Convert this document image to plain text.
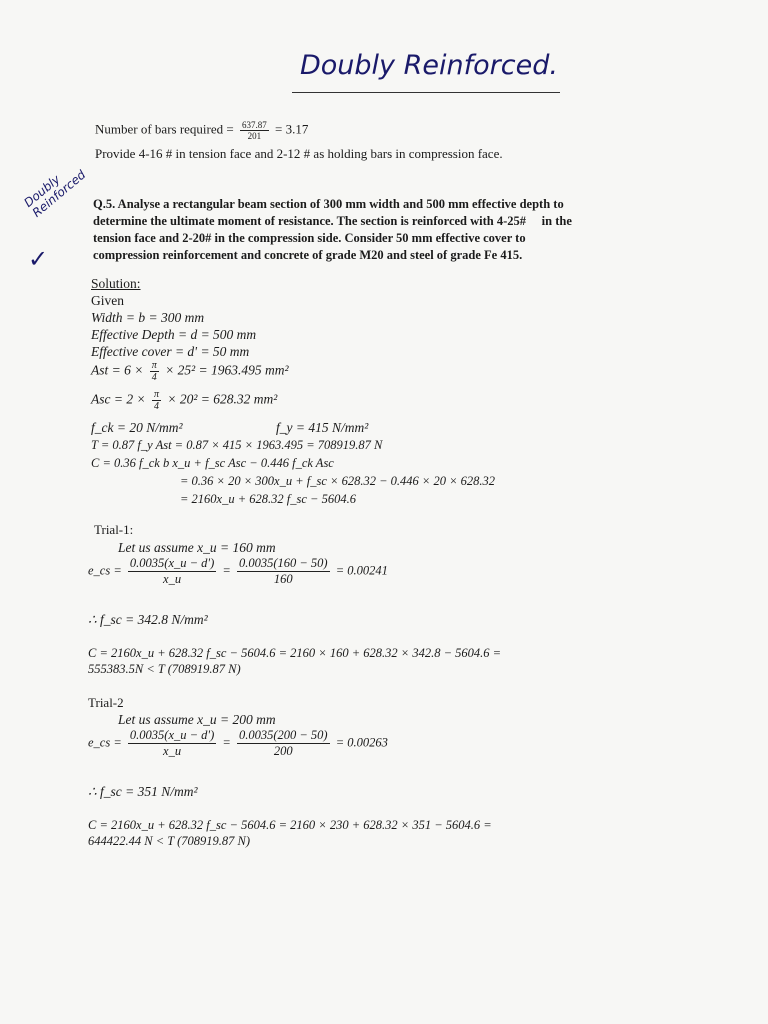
Doubly Reinforced.
Number of bars required = $\frac{637.87}{201} = 3.17$
Provide 4-16 # in tension face and 2-12 # as holding bars in compression face.
Doubly Reinforced
✓
Q.5. Analyse a rectangular beam section of 300 mm width and 500 mm effective depth to
determine the ultimate moment of resistance. The section is reinforced with 4-25#     in the
tension face and 2-20# in the compression side. Consider 50 mm effective cover to
compression reinforcement and concrete of grade M20 and steel of grade Fe 415.
Solution:
Given
Width = b = 300 mm
Effective Depth = d = 500 mm
Effective cover = d' = 50 mm
Ast = $6 \times \frac{\pi}{4} \times 25^2 = 1963.495$ mm²
Asc = $2 \times \frac{\pi}{4} \times 20^2 = 628.32$ mm²
f_ck = 20 N/mm²	f_y = 415 N/mm²
T = 0.87 f_y Ast = 0.87 × 415 × 1963.495 = 708919.87 N
C = 0.36 f_ck b x_u + f_sc Asc − 0.446 f_ck Asc
= 0.36 × 20 × 300x_u + f_sc × 628.32 − 0.446 × 20 × 628.32
= 2160x_u + 628.32 f_sc − 5604.6
Trial-1:
Let us assume x_u = 160 mm
e_cs = $\frac{0.0035(x\_u - d')}{x\_u} = \frac{0.0035(160 - 50)}{160} = 0.00241$
∴ f_sc = 342.8 N/mm²
C = 2160x_u + 628.32 f_sc − 5604.6 = 2160 × 160 + 628.32 × 342.8 − 5604.6 =
555383.5N < T (708919.87 N)
Trial-2
Let us assume x_u = 200 mm
e_cs = $\frac{0.0035(x\_u - d')}{x\_u} = \frac{0.0035(200 - 50)}{200} = 0.00263$
∴ f_sc = 351 N/mm²
C = 2160x_u + 628.32 f_sc − 5604.6 = 2160 × 230 + 628.32 × 351 − 5604.6 =
644422.44 N < T (708919.87 N)
